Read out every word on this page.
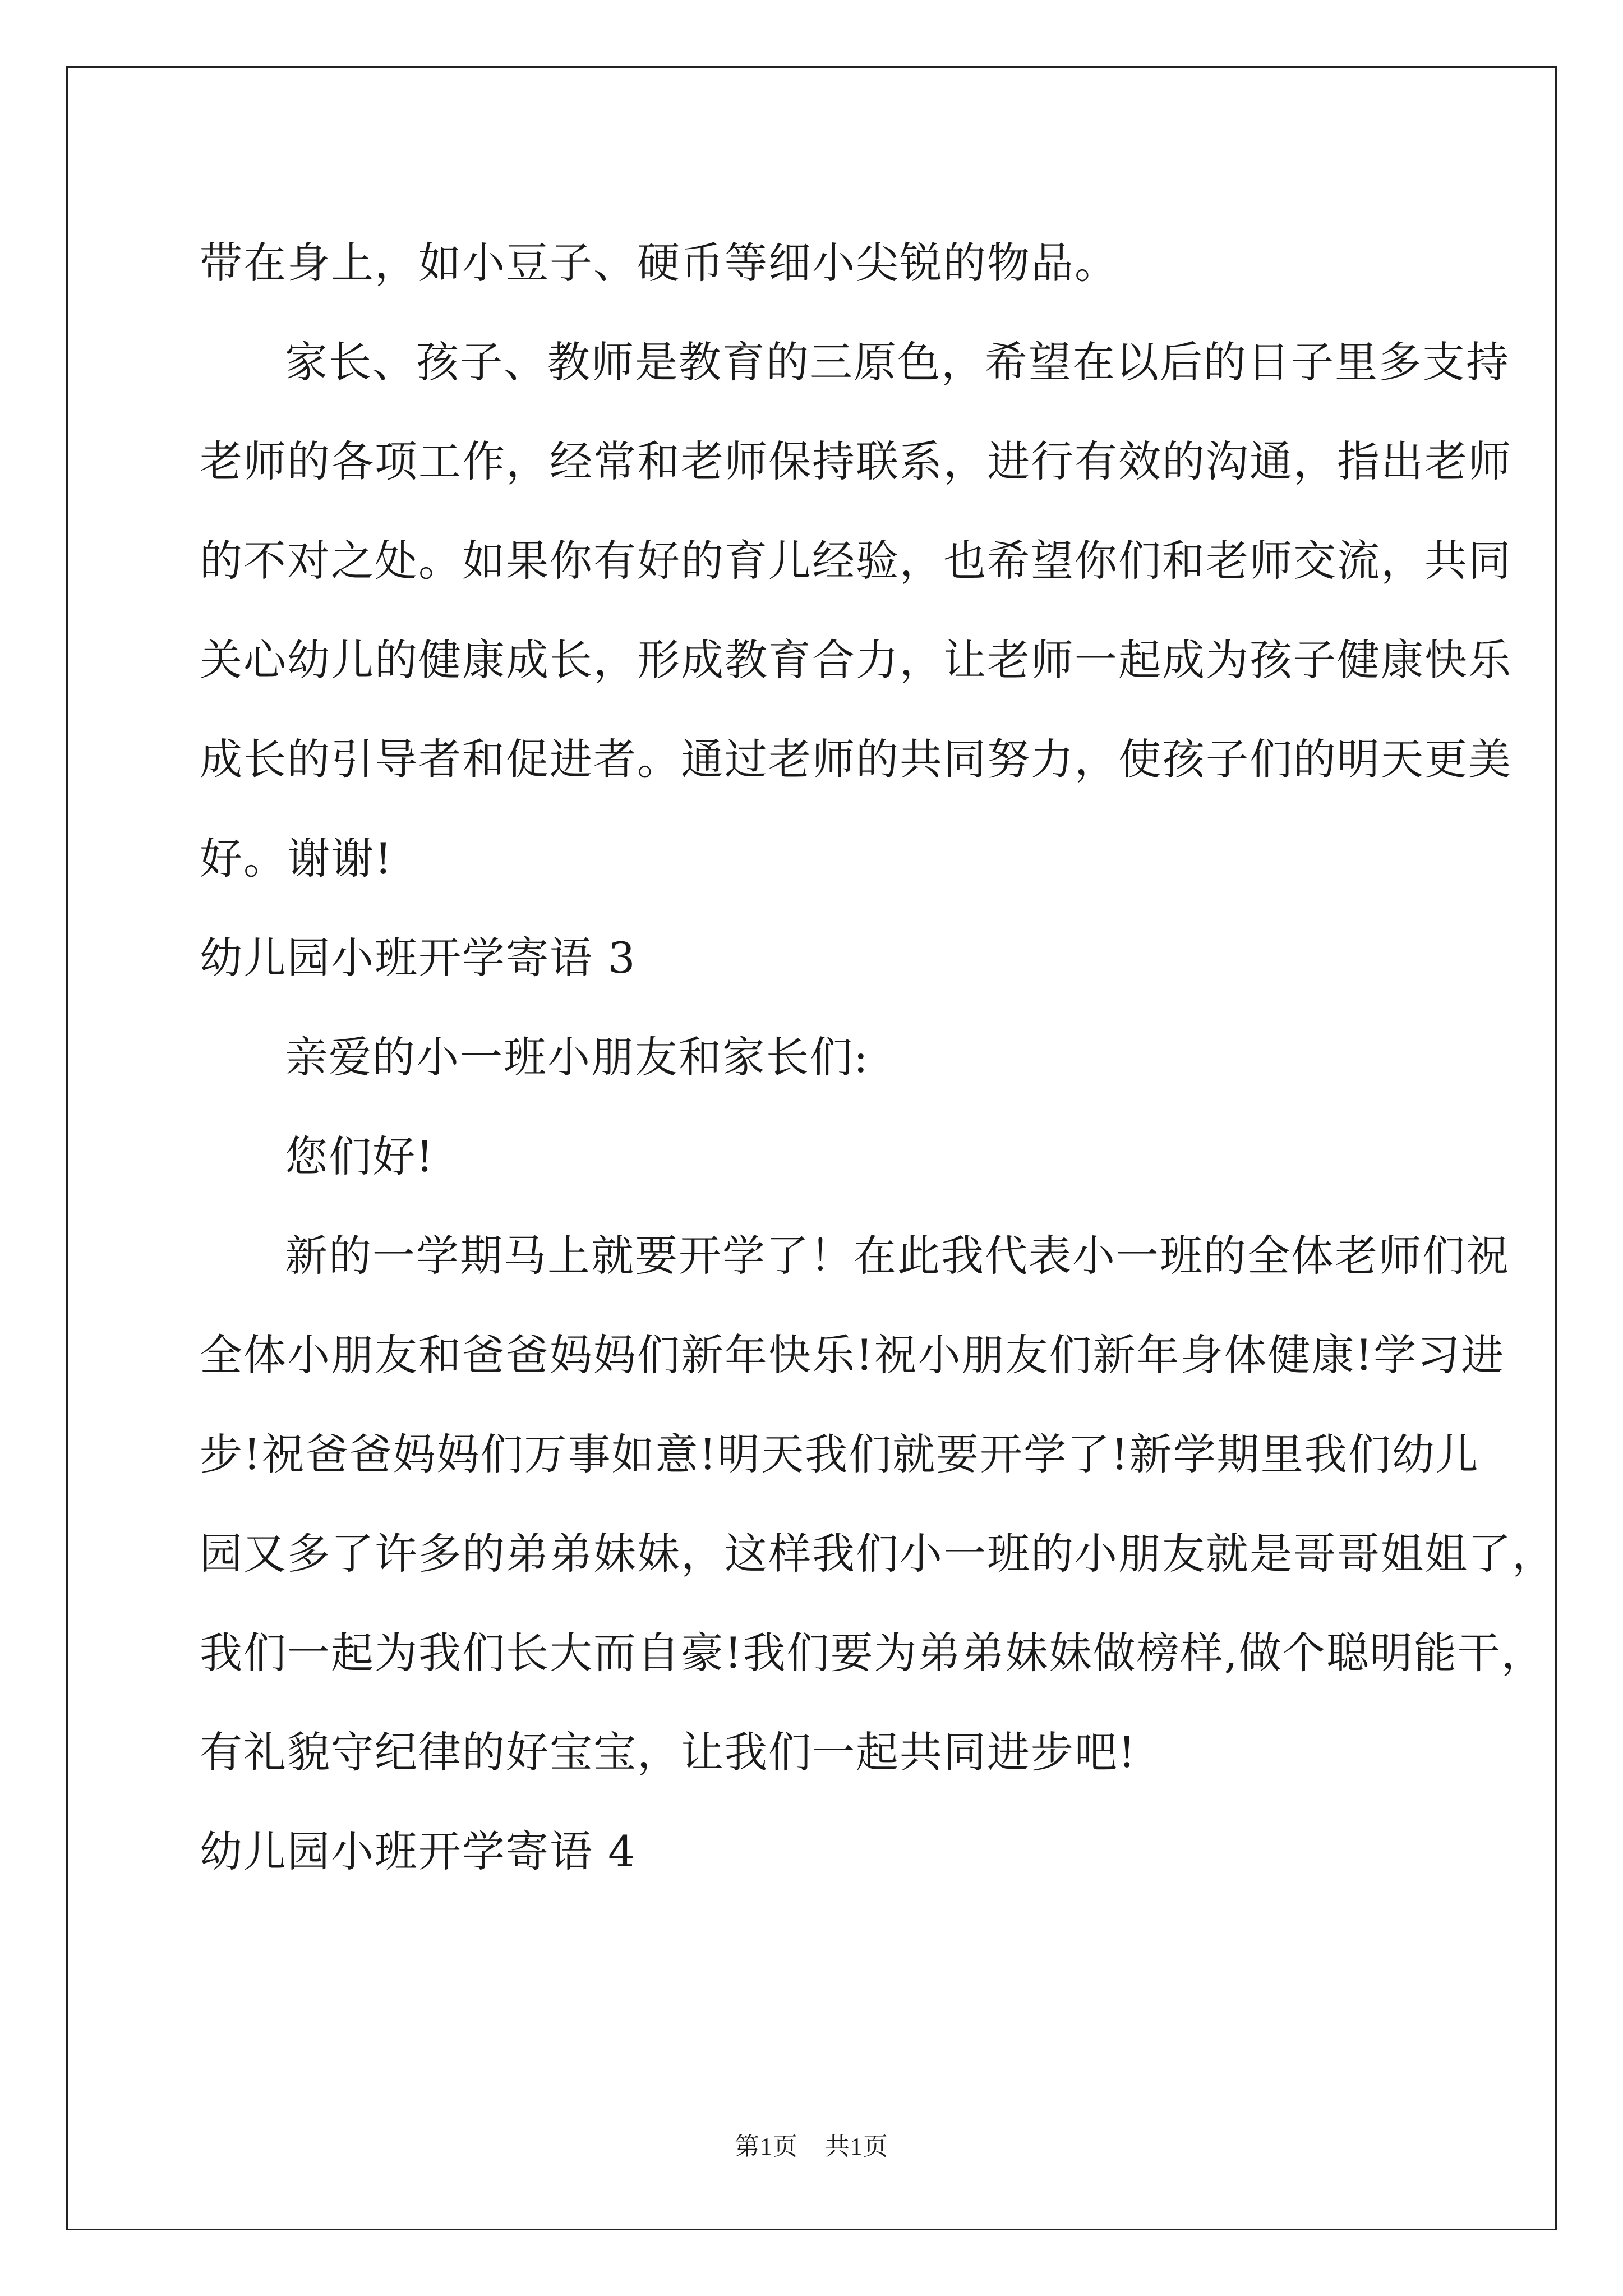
带在身上，如小豆子、硬币等细小尖锐的物品。
家长、孩子、教师是教育的三原色，希望在以后的日子里多支持
老师的各项工作，经常和老师保持联系，进行有效的沟通，指出老师
的不对之处。如果你有好的育儿经验，也希望你们和老师交流，共同
关心幼儿的健康成长，形成教育合力，让老师一起成为孩子健康快乐
成长的引导者和促进者。通过老师的共同努力，使孩子们的明天更美
好。谢谢!
幼儿园小班开学寄语 3
亲爱的小一班小朋友和家长们:
您们好!
新的一学期马上就要开学了！在此我代表小一班的全体老师们祝
全体小朋友和爸爸妈妈们新年快乐!祝小朋友们新年身体健康!学习进
步!祝爸爸妈妈们万事如意!明天我们就要开学了!新学期里我们幼儿
园又多了许多的弟弟妹妹，这样我们小一班的小朋友就是哥哥姐姐了，
我们一起为我们长大而自豪!我们要为弟弟妹妹做榜样,做个聪明能干，
有礼貌守纪律的好宝宝，让我们一起共同进步吧!
幼儿园小班开学寄语 4
第1页 共1页
